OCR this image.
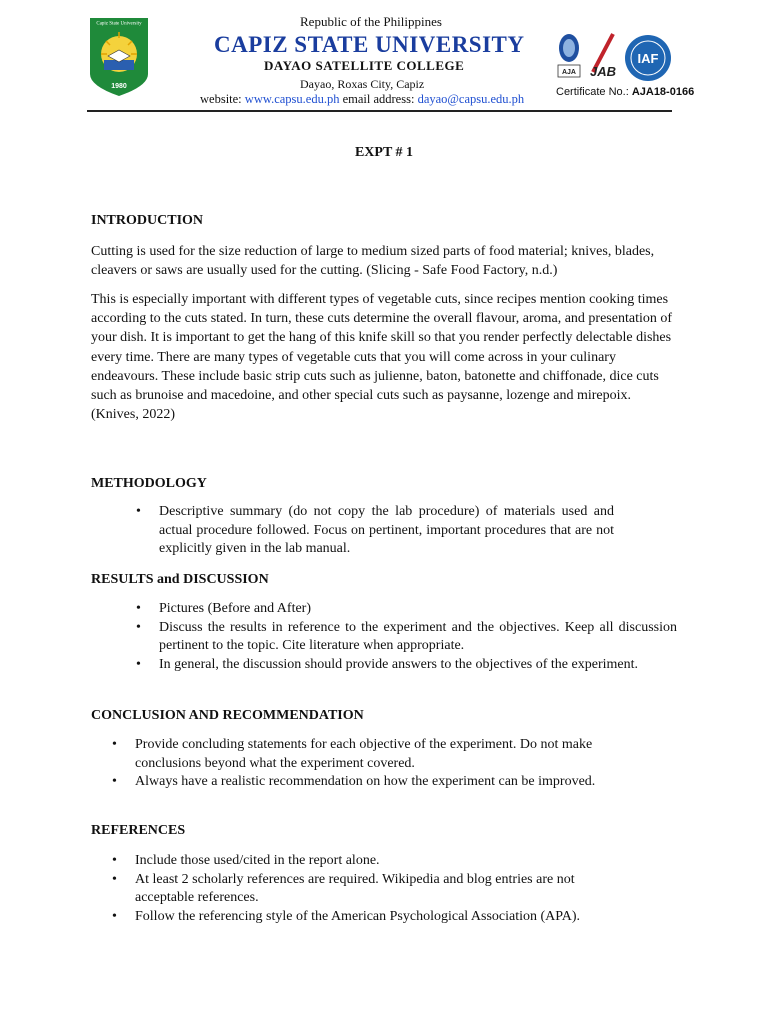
Capiz State University
1980
Republic of the Philippines
CAPIZ STATE UNIVERSITY
DAYAO SATELLITE COLLEGE
Dayao, Roxas City, Capiz
website: www.capsu.edu.ph email address: dayao@capsu.edu.ph
AJA JAB
IAF
Certificate No.: AJA18-0166
EXPT # 1
INTRODUCTION
Cutting is used for the size reduction of large to medium sized parts of food material; knives, blades, cleavers or saws are usually used for the cutting. (Slicing - Safe Food Factory, n.d.)
This is especially important with different types of vegetable cuts, since recipes mention cooking times according to the cuts stated. In turn, these cuts determine the overall flavour, aroma, and presentation of your dish. It is important to get the hang of this knife skill so that you render perfectly delectable dishes every time. There are many types of vegetable cuts that you will come across in your culinary endeavours. These include basic strip cuts such as julienne, baton, batonette and chiffonade, dice cuts such as brunoise and macedoine, and other special cuts such as paysanne, lozenge and mirepoix. (Knives, 2022)
METHODOLOGY
• Descriptive summary (do not copy the lab procedure) of materials used and actual procedure followed. Focus on pertinent, important procedures that are not explicitly given in the lab manual.
RESULTS and DISCUSSION
• Pictures (Before and After)
• Discuss the results in reference to the experiment and the objectives. Keep all discussion pertinent to the topic. Cite literature when appropriate.
• In general, the discussion should provide answers to the objectives of the experiment.
CONCLUSION AND RECOMMENDATION
• Provide concluding statements for each objective of the experiment. Do not make conclusions beyond what the experiment covered.
• Always have a realistic recommendation on how the experiment can be improved.
REFERENCES
• Include those used/cited in the report alone.
• At least 2 scholarly references are required. Wikipedia and blog entries are not acceptable references.
• Follow the referencing style of the American Psychological Association (APA).
